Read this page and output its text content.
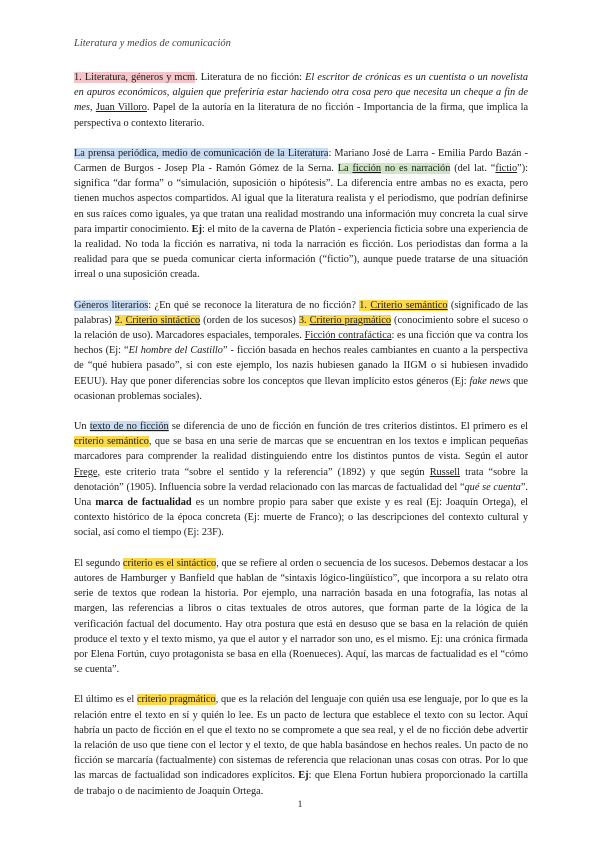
Literatura y medios de comunicación

1. Literatura, géneros y mcm. Literatura de no ficción: El escritor de crónicas es un cuentista o un novelista en apuros económicos, alguien que preferiría estar haciendo otra cosa pero que necesita un cheque a fin de mes, Juan Villoro. Papel de la autoría en la literatura de no ficción - Importancia de la firma, que implica la perspectiva o contexto literario.

La prensa periódica, medio de comunicación de la Literatura: Mariano José de Larra - Emilia Pardo Bazán - Carmen de Burgos - Josep Pla - Ramón Gómez de la Serna. La ficción no es narración (del lat. “fictio”): significa “dar forma” o “simulación, suposición o hipótesis”. La diferencia entre ambas no es exacta, pero tienen muchos aspectos compartidos. Al igual que la literatura realista y el periodismo, que podrían definirse en sus raíces como iguales, ya que tratan una realidad mostrando una información muy concreta la cual sirve para impartir conocimiento. Ej: el mito de la caverna de Platón - experiencia ficticia sobre una experiencia de la realidad. No toda la ficción es narrativa, ni toda la narración es ficción. Los periodistas dan forma a la realidad para que se pueda comunicar cierta información (“fictio”), aunque puede tratarse de una situación irreal o una suposición creada.

Géneros literarios: ¿En qué se reconoce la literatura de no ficción? 1. Criterio semántico (significado de las palabras) 2. Criterio sintáctico (orden de los sucesos) 3. Criterio pragmático (conocimiento sobre el suceso o la relación de uso). Marcadores espaciales, temporales. Ficción contrafáctica: es una ficción que va contra los hechos (Ej: “El hombre del Castillo” - ficción basada en hechos reales cambiantes en cuanto a la perspectiva de “qué hubiera pasado”, si con este ejemplo, los nazis hubiesen ganado la IIGM o si hubiesen invadido EEUU). Hay que poner diferencias sobre los conceptos que llevan implícito estos géneros (Ej: fake news que ocasionan problemas sociales).

Un texto de no ficción se diferencia de uno de ficción en función de tres criterios distintos. El primero es el criterio semántico, que se basa en una serie de marcas que se encuentran en los textos e implican pequeñas marcadores para comprender la realidad distinguiendo entre los distintos puntos de vista. Según el autor Frege, este criterio trata “sobre el sentido y la referencia” (1892) y que según Russell trata “sobre la denotación” (1905). Influencia sobre la verdad relacionado con las marcas de factualidad del “qué se cuenta”. Una marca de factualidad es un nombre propio para saber que existe y es real (Ej: Joaquín Ortega), el contexto histórico de la época concreta (Ej: muerte de Franco); o las descripciones del contexto cultural y social, así como el tiempo (Ej: 23F).

El segundo criterio es el sintáctico, que se refiere al orden o secuencia de los sucesos. Debemos destacar a los autores de Hamburger y Banfield que hablan de “sintaxis lógico-lingüístico”, que incorpora a su relato otra serie de textos que rodean la historia. Por ejemplo, una narración basada en una fotografía, las notas al margen, las referencias a libros o citas textuales de otros autores, que forman parte de la lógica de la verificación factual del documento. Hay otra postura que está en desuso que se basa en la relación de quién produce el texto y el texto mismo, ya que el autor y el narrador son uno, es el mismo. Ej: una crónica firmada por Elena Fortún, cuyo protagonista se basa en ella (Roenueces). Aquí, las marcas de factualidad es el “cómo se cuenta”.

El último es el criterio pragmático, que es la relación del lenguaje con quién usa ese lenguaje, por lo que es la relación entre el texto en sí y quién lo lee. Es un pacto de lectura que establece el texto con su lector. Aquí habría un pacto de ficción en el que el texto no se compromete a que sea real, y el de no ficción debe advertir la relación de uso que tiene con el lector y el texto, de que habla basándose en hechos reales. Un pacto de no ficción se marcaría (factualmente) con sistemas de referencia que relacionan unas cosas con otras. Por lo que las marcas de factualidad son indicadores explícitos. Ej: que Elena Fortun hubiera proporcionado la cartilla de trabajo o de nacimiento de Joaquín Ortega.

1
